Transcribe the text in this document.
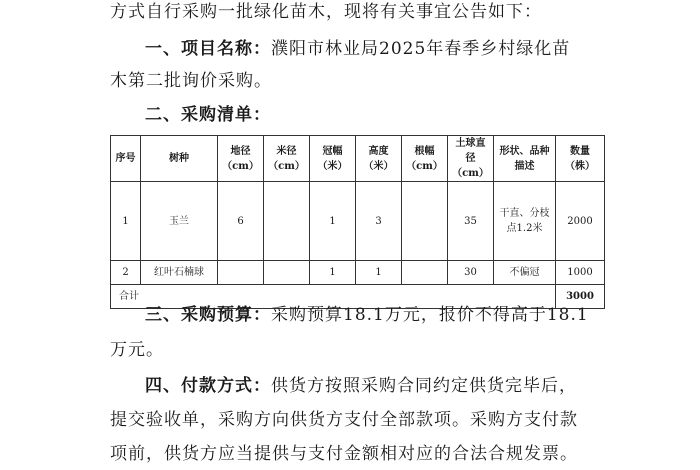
方式自行采购一批绿化苗木，现将有关事宜公告如下：
一、项目名称：濮阳市林业局2025年春季乡村绿化苗
木第二批询价采购。
二、采购清单：
序号	树种	地径（cm）	米径（cm）	冠幅（米）	高度（米）	根幅（cm）	土球直径（cm）	形状、品种描述	数量（株）

1	玉兰	6		1	3		35	干直、分枝点1.2米	2000
2	红叶石楠球			1	1		30	不偏冠	1000
合计									3000
三、采购预算：采购预算18.1万元，报价不得高于18.1
万元。
四、付款方式：供货方按照采购合同约定供货完毕后，
提交验收单，采购方向供货方支付全部款项。采购方支付款
项前，供货方应当提供与支付金额相对应的合法合规发票。
